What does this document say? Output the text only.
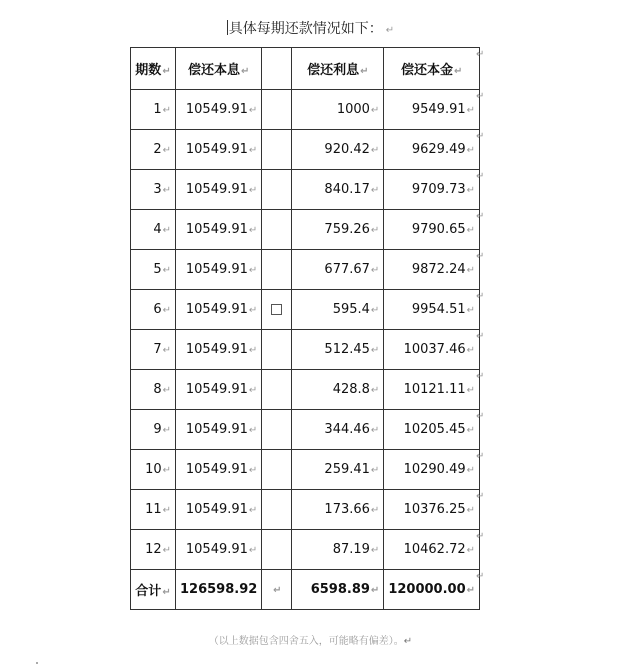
具体每期还款情况如下： ↵
期数↵	偿还本息↵		偿还利息↵	偿还本金↵
1↵	10549.91↵		1000↵	9549.91↵
2↵	10549.91↵		920.42↵	9629.49↵
3↵	10549.91↵		840.17↵	9709.73↵
4↵	10549.91↵		759.26↵	9790.65↵
5↵	10549.91↵		677.67↵	9872.24↵
6↵	10549.91↵		595.4↵	9954.51↵
7↵	10549.91↵		512.45↵	10037.46↵
8↵	10549.91↵		428.8↵	10121.11↵
9↵	10549.91↵		344.46↵	10205.45↵
10↵	10549.91↵		259.41↵	10290.49↵
11↵	10549.91↵		173.66↵	10376.25↵
12↵	10549.91↵		87.19↵	10462.72↵
合计↵	126598.92	↵	6598.89↵	120000.00↵
↵
↵
↵
↵
↵
↵
↵
↵
↵
↵
↵
↵
↵
↵
（以上数据包含四舍五入，可能略有偏差）。↵
